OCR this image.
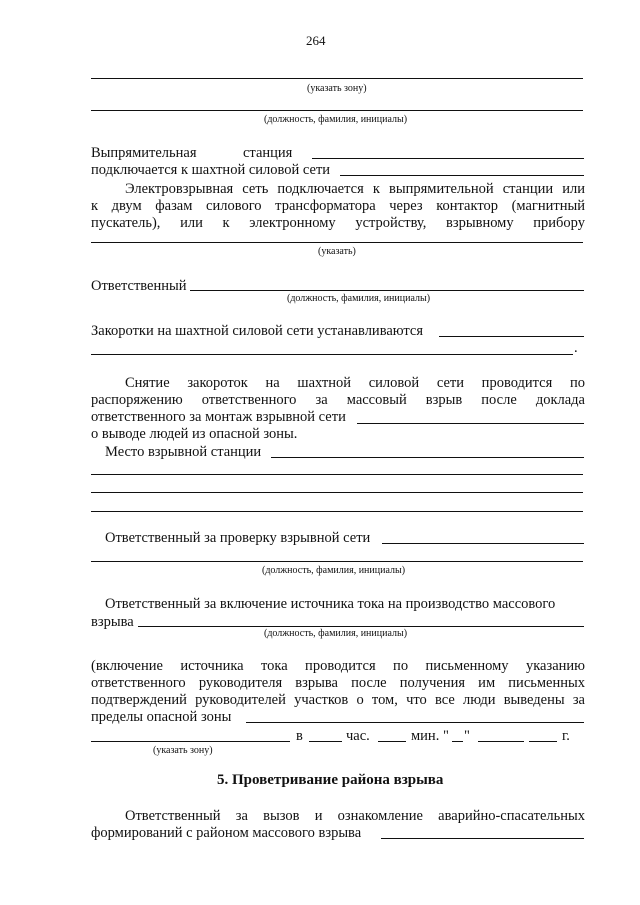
264
(указать зону)
(должность, фамилия, инициалы)
Выпрямительная	станция
подключается к шахтной силовой сети
Электровзрывная сеть подключается к выпрямительной станции или
к двум фазам силового трансформатора через контактор (магнитный
пускатель), или к электронному устройству, взрывному прибору
(указать)
Ответственный
(должность, фамилия, инициалы)
Закоротки на шахтной силовой сети устанавливаются
.
Снятие закороток на шахтной силовой сети проводится по
распоряжению ответственного за массовый взрыв после доклада
ответственного за монтаж взрывной сети
о выводе людей из опасной зоны.
Место взрывной станции
Ответственный за проверку взрывной сети
(должность, фамилия, инициалы)
Ответственный за включение источника тока на производство массового
взрыва
(должность, фамилия, инициалы)
(включение источника тока проводится по письменному указанию
ответственного руководителя взрыва после получения им письменных
подтверждений руководителей участков о том, что все люди выведены за
пределы опасной зоны
в	час.	мин. " "	г.
(указать зону)
5. Проветривание района взрыва
Ответственный за вызов и ознакомление аварийно-спасательных
формирований с районом массового взрыва
